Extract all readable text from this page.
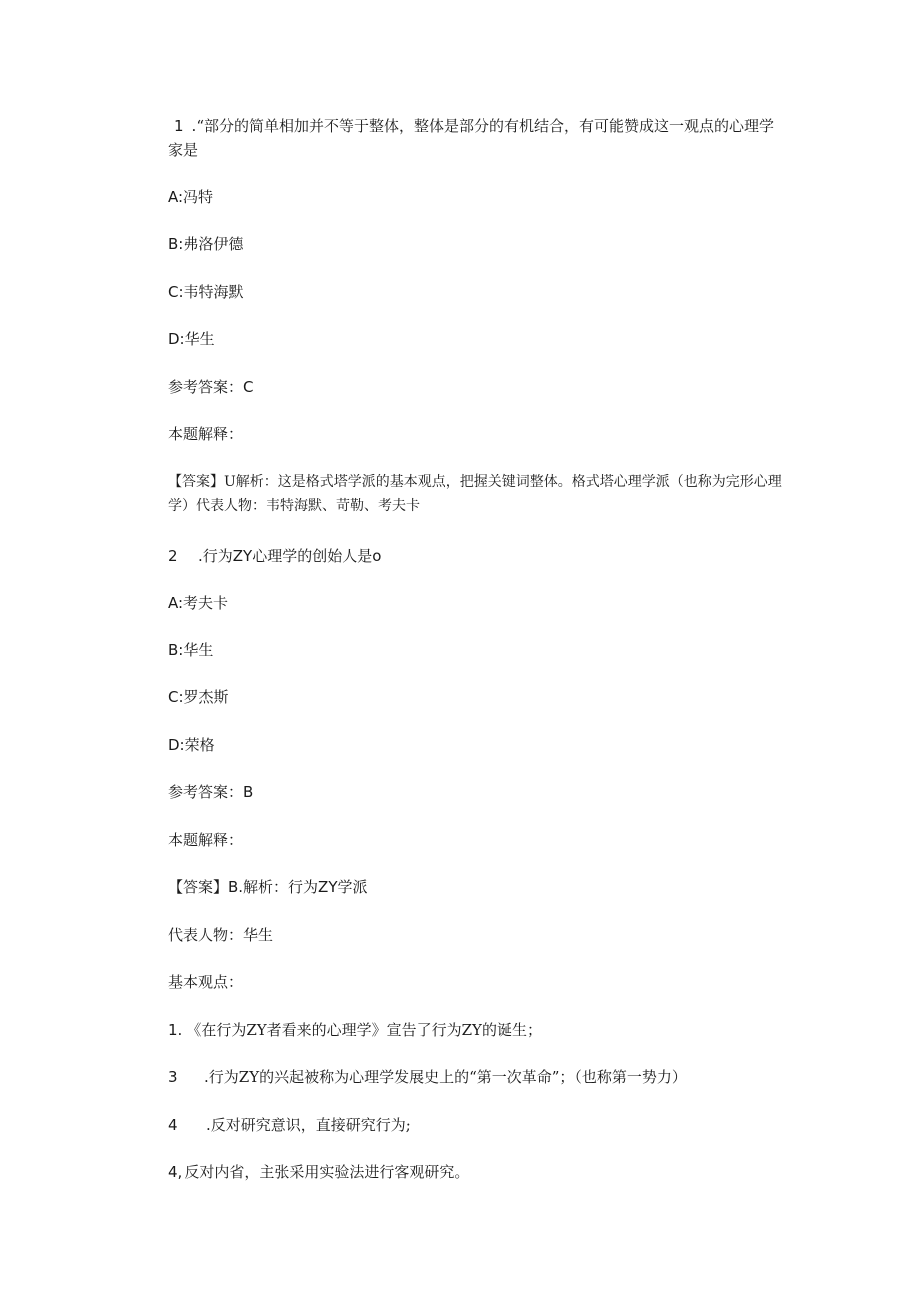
1 .“部分的简单相加并不等于整体，整体是部分的有机结合，有可能赞成这一观点的心理学家是
A:冯特
B:弗洛伊德
C:韦特海默
D:华生
参考答案：C
本题解释：
【答案】U解析：这是格式塔学派的基本观点，把握关键词整体。格式塔心理学派（也称为完形心理学）代表人物：韦特海默、苛勒、考夫卡
2 .行为ZY心理学的创始人是o
A:考夫卡
B:华生
C:罗杰斯
D:荣格
参考答案：B
本题解释：
【答案】B.解析：行为ZY学派
代表人物：华生
基本观点：
1. 《在行为ZY者看来的心理学》宣告了行为ZY的诞生；
3 .行为ZY的兴起被称为心理学发展史上的“第一次革命”；（也称第一势力）
4 .反对研究意识，直接研究行为;
4, 反对内省，主张采用实验法进行客观研究。
